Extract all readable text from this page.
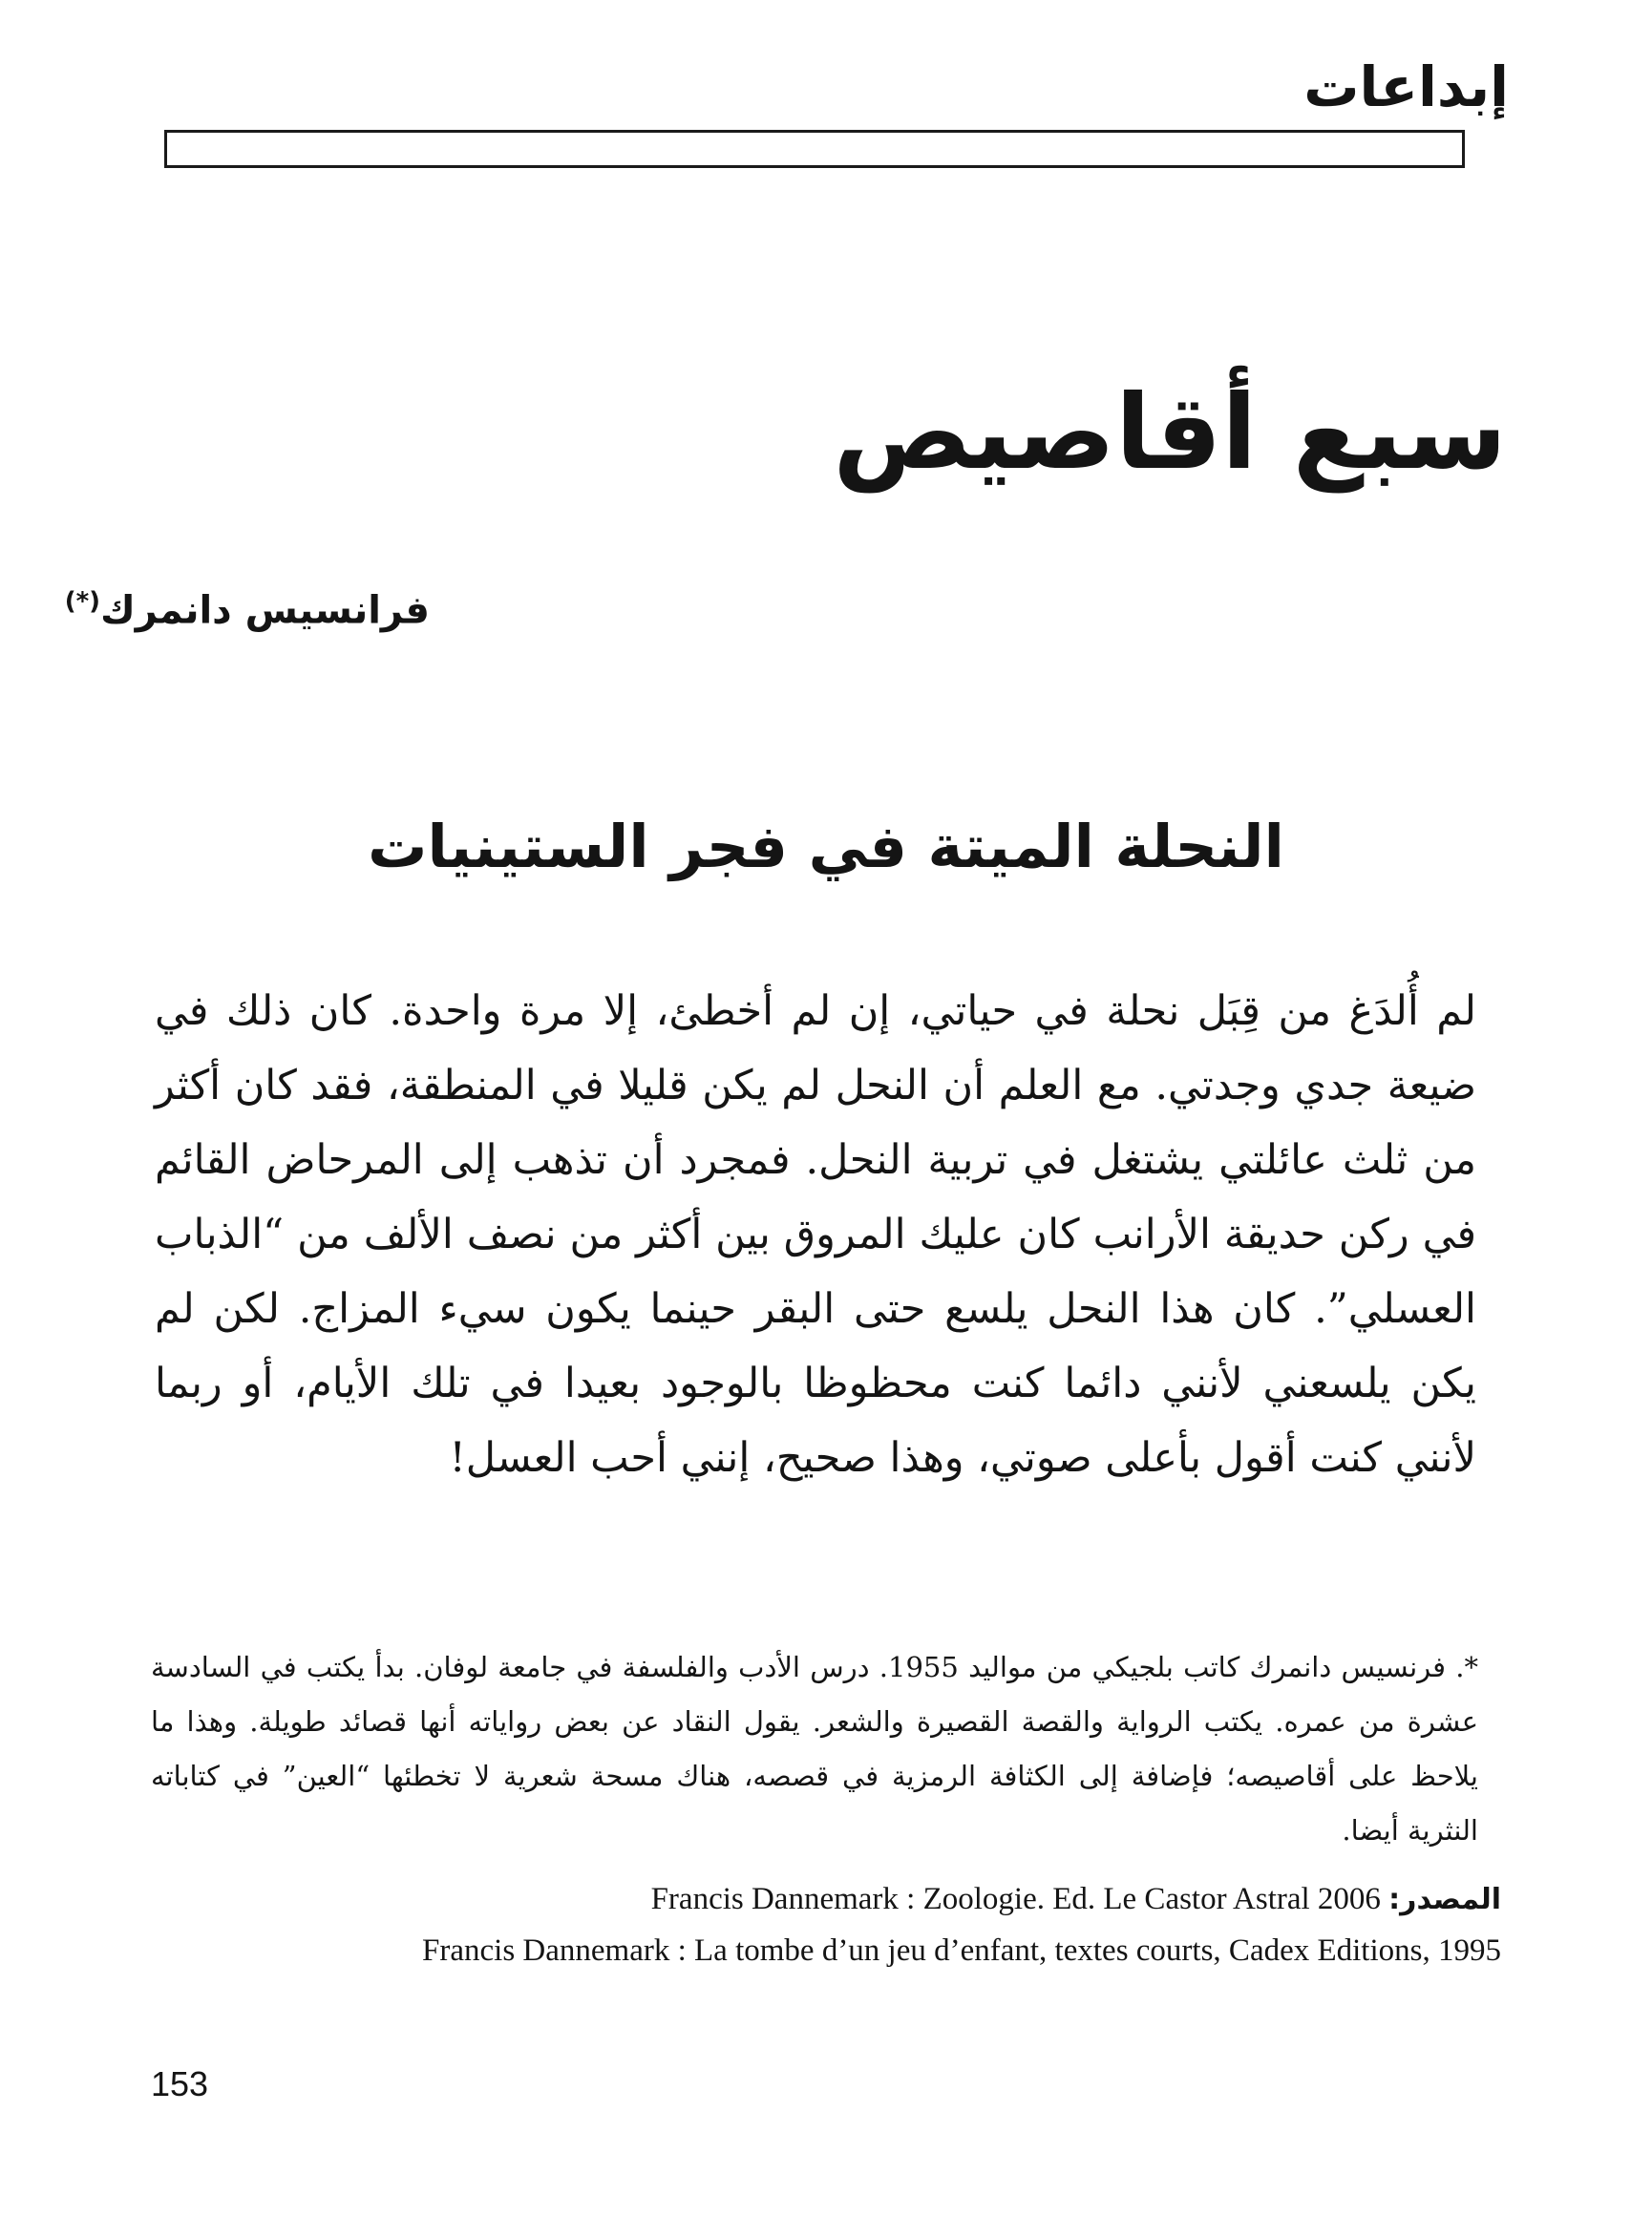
إبداعات
سبع أقاصيص
فرانسيس دانمرك(*)
النحلة الميتة في فجر الستينيات

لم أُلدَغ من قِبَل نحلة في حياتي، إن لم أخطئ، إلا مرة واحدة. كان ذلك في ضيعة جدي وجدتي. مع العلم أن النحل لم يكن قليلا في المنطقة، فقد كان أكثر من ثلث عائلتي يشتغل في تربية النحل. فمجرد أن تذهب إلى المرحاض القائم في ركن حديقة الأرانب كان عليك المروق بين أكثر من نصف الألف من “الذباب العسلي”. كان هذا النحل يلسع حتى البقر حينما يكون سيء المزاج. لكن لم يكن يلسعني لأنني دائما كنت محظوظا بالوجود بعيدا في تلك الأيام، أو ربما لأنني كنت أقول بأعلى صوتي، وهذا صحيح، إنني أحب العسل!

*. فرنسيس دانمرك كاتب بلجيكي من مواليد 1955. درس الأدب والفلسفة في جامعة لوفان. بدأ يكتب في السادسة عشرة من عمره. يكتب الرواية والقصة القصيرة والشعر. يقول النقاد عن بعض رواياته أنها قصائد طويلة. وهذا ما يلاحظ على أقاصيصه؛ فإضافة إلى الكثافة الرمزية في قصصه، هناك مسحة شعرية لا تخطئها “العين” في كتاباته النثرية أيضا.

Francis Dannemark : Zoologie. Ed. Le Castor Astral 2006 المصدر:
Francis Dannemark : La tombe d’un jeu d’enfant, textes courts, Cadex Editions, 1995
153
